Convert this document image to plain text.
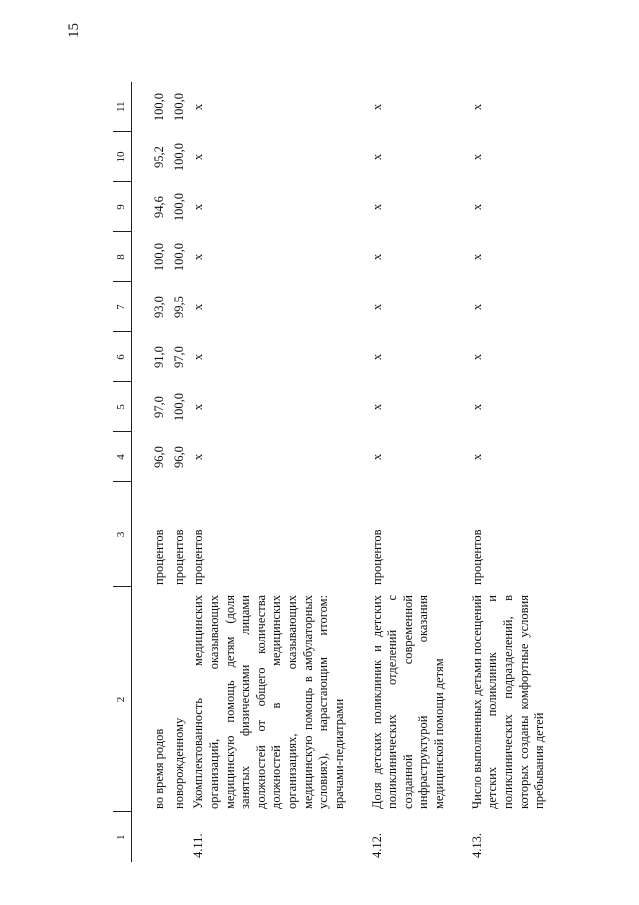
15
1	2	3	4	5	6	7	8	9	10	11

	во время родов	процентов	96,0	97,0	91,0	93,0	100,0	94,6	95,2	100,0
	новорожденному	процентов	96,0	100,0	97,0	99,5	100,0	100,0	100,0	100,0
4.11.	Укомплектованность медицинских организаций, оказывающих медицинскую помощь детям (доля занятых физическими лицами должностей от общего количества должностей в медицинских организациях, оказывающих медицинскую помощь в амбулаторных условиях), нарастающим итогом: врачами-педиатрами	процентов	x	x	x	x	x	x	x	x

4.12.	Доля детских поликлиник и детских поликлинических отделений с созданной современной инфраструктурой оказания медицинской помощи детям	процентов	x	x	x	x	x	x	x	x

4.13.	Число выполненных детьми посещений детских поликлиник и поликлинических подразделений, в которых созданы комфортные условия пребывания детей	процентов	x	x	x	x	x	x	x	x
